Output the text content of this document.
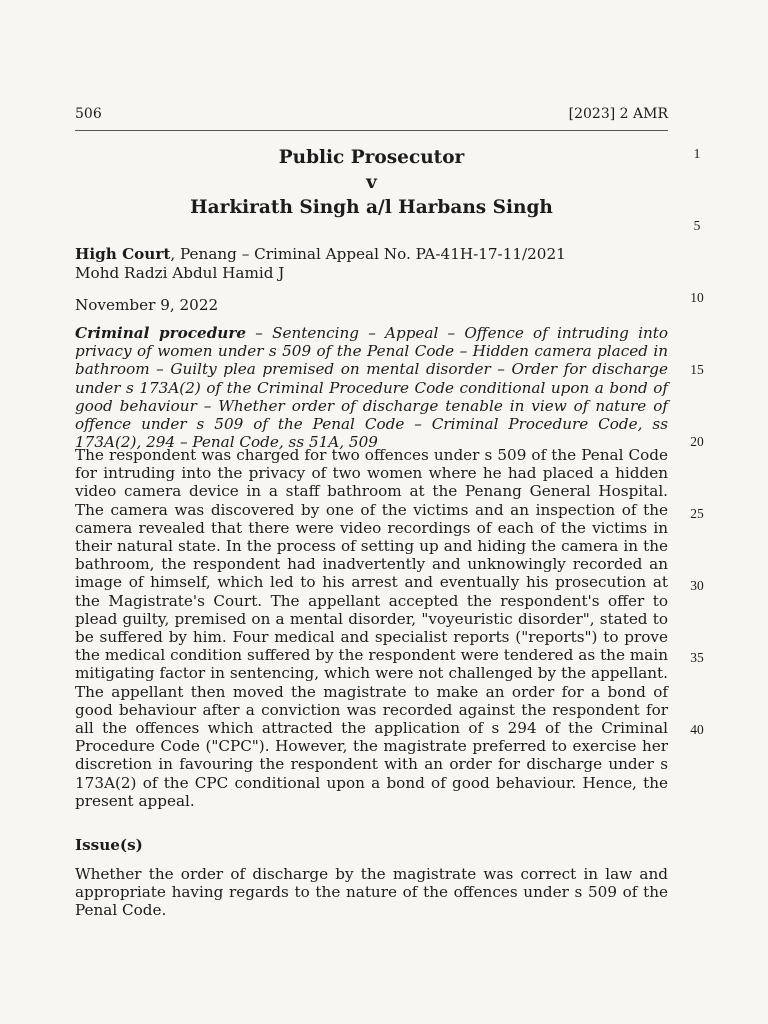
506	[2023] 2 AMR
Public Prosecutor
v
Harkirath Singh a/l Harbans Singh
High Court, Penang – Criminal Appeal No. PA-41H-17-11/2021
Mohd Radzi Abdul Hamid J
November 9, 2022
Criminal procedure – Sentencing – Appeal – Offence of intruding into privacy of women under s 509 of the Penal Code – Hidden camera placed in bathroom – Guilty plea premised on mental disorder – Order for discharge under s 173A(2) of the Criminal Procedure Code conditional upon a bond of good behaviour – Whether order of discharge tenable in view of nature of offence under s 509 of the Penal Code – Criminal Procedure Code, ss 173A(2), 294 – Penal Code, ss 51A, 509
The respondent was charged for two offences under s 509 of the Penal Code for intruding into the privacy of two women where he had placed a hidden video camera device in a staff bathroom at the Penang General Hospital. The camera was discovered by one of the victims and an inspection of the camera revealed that there were video recordings of each of the victims in their natural state. In the process of setting up and hiding the camera in the bathroom, the respondent had inadvertently and unknowingly recorded an image of himself, which led to his arrest and eventually his prosecution at the Magistrate's Court. The appellant accepted the respondent's offer to plead guilty, premised on a mental disorder, "voyeuristic disorder", stated to be suffered by him. Four medical and specialist reports ("reports") to prove the medical condition suffered by the respondent were tendered as the main mitigating factor in sentencing, which were not challenged by the appellant. The appellant then moved the magistrate to make an order for a bond of good behaviour after a conviction was recorded against the respondent for all the offences which attracted the application of s 294 of the Criminal Procedure Code ("CPC"). However, the magistrate preferred to exercise her discretion in favouring the respondent with an order for discharge under s 173A(2) of the CPC conditional upon a bond of good behaviour. Hence, the present appeal.
Issue(s)
Whether the order of discharge by the magistrate was correct in law and appropriate having regards to the nature of the offences under s 509 of the Penal Code.
1
5
10
15
20
25
30
35
40
